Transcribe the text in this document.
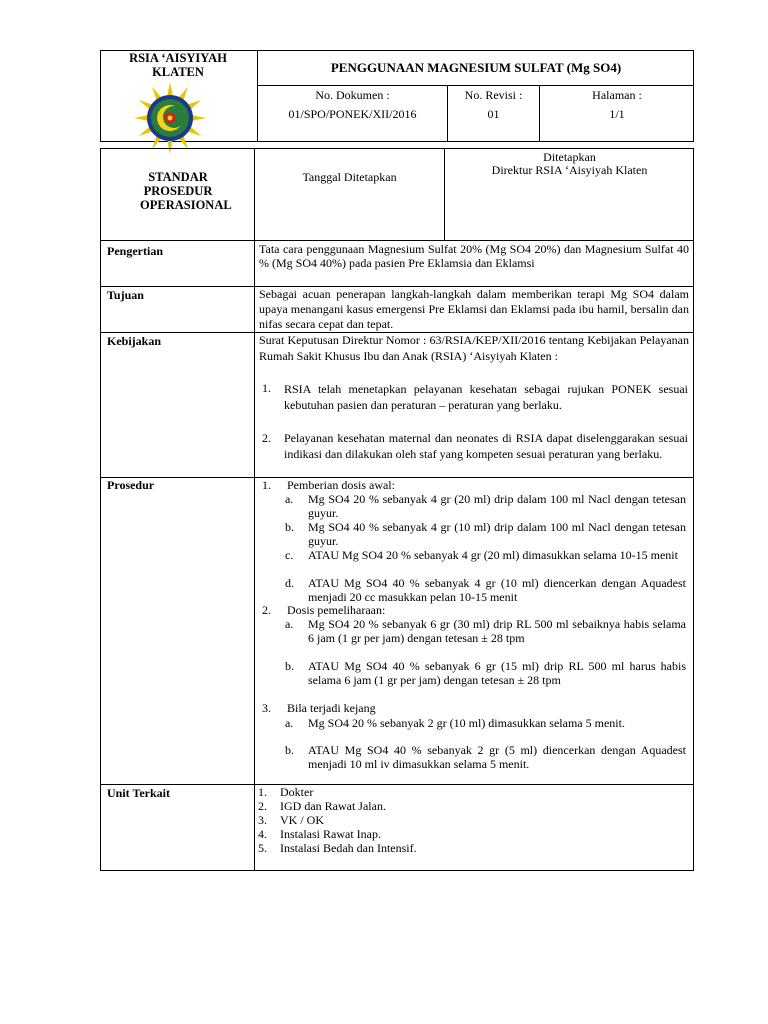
RSIA ‘AISYIYAH KLATEN	PENGGUNAAN MAGNESIUM SULFAT (Mg SO4)
No. Dokumen :
01/SPO/PONEK/XII/2016
No. Revisi :
01
Halaman :
1/1
STANDAR PROSEDUR OPERASIONAL
Tanggal Ditetapkan
Ditetapkan
Direktur RSIA ‘Aisyiyah Klaten
Pengertian	Tata cara penggunaan Magnesium Sulfat 20% (Mg SO4 20%) dan Magnesium Sulfat 40 % (Mg SO4 40%) pada pasien Pre Eklamsia dan Eklamsi
Tujuan	Sebagai acuan penerapan langkah-langkah dalam memberikan terapi Mg SO4 dalam upaya menangani kasus emergensi Pre Eklamsi dan Eklamsi pada ibu hamil, bersalin dan nifas secara cepat dan tepat.
Kebijakan	Surat Keputusan Direktur Nomor : 63/RSIA/KEP/XII/2016 tentang Kebijakan Pelayanan Rumah Sakit Khusus Ibu dan Anak (RSIA) ‘Aisyiyah Klaten :
1. RSIA telah menetapkan pelayanan kesehatan sebagai rujukan PONEK sesuai kebutuhan pasien dan peraturan – peraturan yang berlaku.
2. Pelayanan kesehatan maternal dan neonates di RSIA dapat diselenggarakan sesuai indikasi dan dilakukan oleh staf yang kompeten sesuai peraturan yang berlaku.
Prosedur	1. Pemberian dosis awal:
a. Mg SO4 20 % sebanyak 4 gr (20 ml) drip dalam 100 ml Nacl dengan tetesan guyur.
b. Mg SO4 40 % sebanyak 4 gr (10 ml) drip dalam 100 ml Nacl dengan tetesan guyur.
c. ATAU Mg SO4 20 % sebanyak 4 gr (20 ml) dimasukkan selama 10-15 menit
d. ATAU Mg SO4 40 % sebanyak 4 gr (10 ml) diencerkan dengan Aquadest menjadi 20 cc masukkan pelan 10-15 menit
2. Dosis pemeliharaan:
a. Mg SO4 20 % sebanyak 6 gr (30 ml) drip RL 500 ml sebaiknya habis selama 6 jam (1 gr per jam) dengan tetesan ± 28 tpm
b. ATAU Mg SO4 40 % sebanyak 6 gr (15 ml) drip RL 500 ml harus habis selama 6 jam (1 gr per jam) dengan tetesan ± 28 tpm
3. Bila terjadi kejang
a. Mg SO4 20 % sebanyak 2 gr (10 ml) dimasukkan selama 5 menit.
b. ATAU Mg SO4 40 % sebanyak 2 gr (5 ml) diencerkan dengan Aquadest menjadi 10 ml iv dimasukkan selama 5 menit.
Unit Terkait	1. Dokter
2. IGD dan Rawat Jalan.
3. VK / OK
4. Instalasi Rawat Inap.
5. Instalasi Bedah dan Intensif.
